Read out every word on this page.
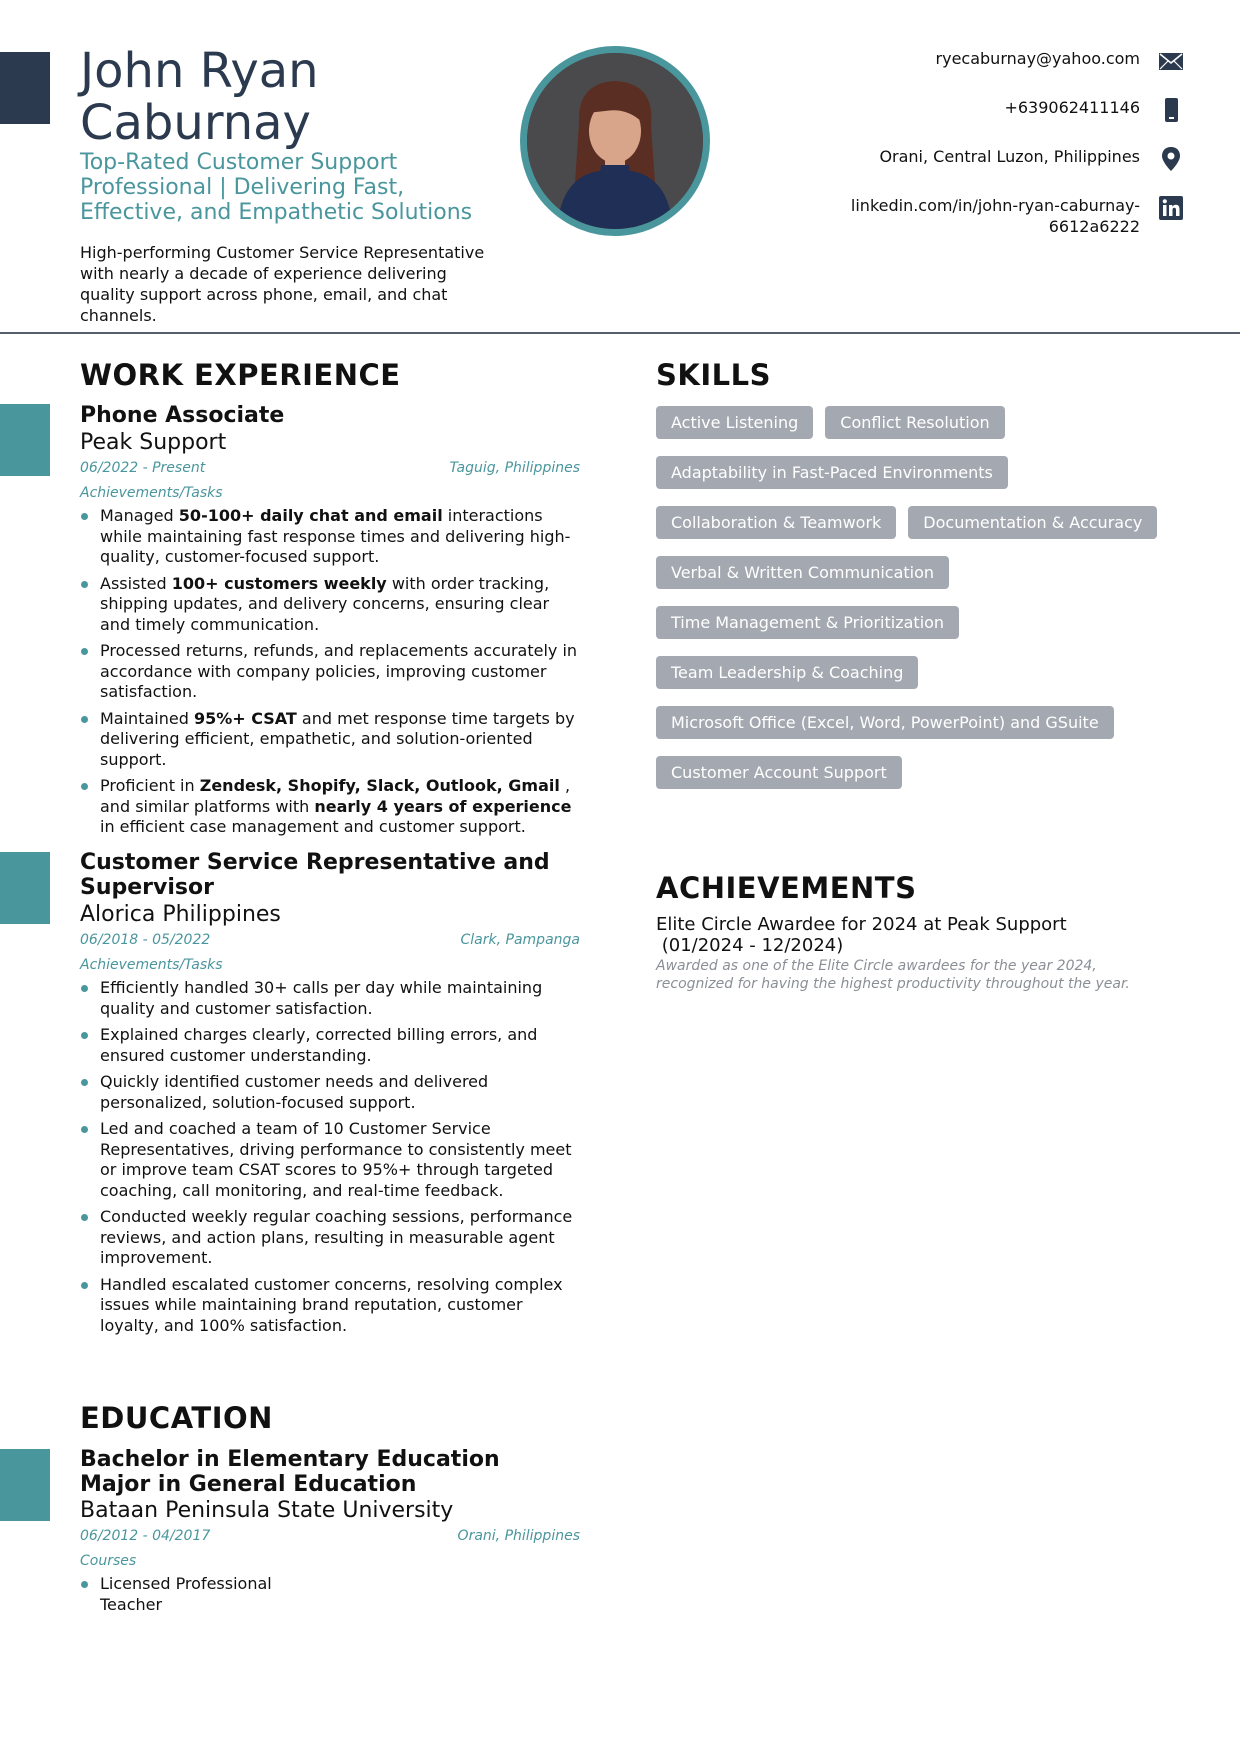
John Ryan
Caburnay
Top-Rated Customer Support Professional | Delivering Fast, Effective, and Empathetic Solutions
High-performing Customer Service Representative with nearly a decade of experience delivering quality support across phone, email, and chat channels.
ryecaburnay@yahoo.com
+639062411146
Orani, Central Luzon, Philippines
linkedin.com/in/john-ryan-caburnay-
6612a6222
WORK EXPERIENCE
Phone Associate
Peak Support
06/2022 - Present	Taguig, Philippines
Achievements/Tasks
Managed 50-100+ daily chat and email interactions while maintaining fast response times and delivering high-quality, customer-focused support.
Assisted 100+ customers weekly with order tracking, shipping updates, and delivery concerns, ensuring clear and timely communication.
Processed returns, refunds, and replacements accurately in accordance with company policies, improving customer satisfaction.
Maintained 95%+ CSAT and met response time targets by delivering efficient, empathetic, and solution-oriented support.
Proficient in Zendesk, Shopify, Slack, Outlook, Gmail , and similar platforms with nearly 4 years of experience in efficient case management and customer support.
Customer Service Representative and Supervisor
Alorica Philippines
06/2018 - 05/2022	Clark, Pampanga
Achievements/Tasks
Efficiently handled 30+ calls per day while maintaining quality and customer satisfaction.
Explained charges clearly, corrected billing errors, and ensured customer understanding.
Quickly identified customer needs and delivered personalized, solution-focused support.
Led and coached a team of 10 Customer Service Representatives, driving performance to consistently meet or improve team CSAT scores to 95%+ through targeted coaching, call monitoring, and real-time feedback.
Conducted weekly regular coaching sessions, performance reviews, and action plans, resulting in measurable agent improvement.
Handled escalated customer concerns, resolving complex issues while maintaining brand reputation, customer loyalty, and 100% satisfaction.
EDUCATION
Bachelor in Elementary Education Major in General Education
Bataan Peninsula State University
06/2012 - 04/2017	Orani, Philippines
Courses
Licensed Professional Teacher
SKILLS
Active Listening	Conflict Resolution
Adaptability in Fast-Paced Environments
Collaboration & Teamwork	Documentation & Accuracy
Verbal & Written Communication
Time Management & Prioritization
Team Leadership & Coaching
Microsoft Office (Excel, Word, PowerPoint) and GSuite
Customer Account Support
ACHIEVEMENTS
Elite Circle Awardee for 2024 at Peak Support
(01/2024 - 12/2024)
Awarded as one of the Elite Circle awardees for the year 2024, recognized for having the highest productivity throughout the year.
